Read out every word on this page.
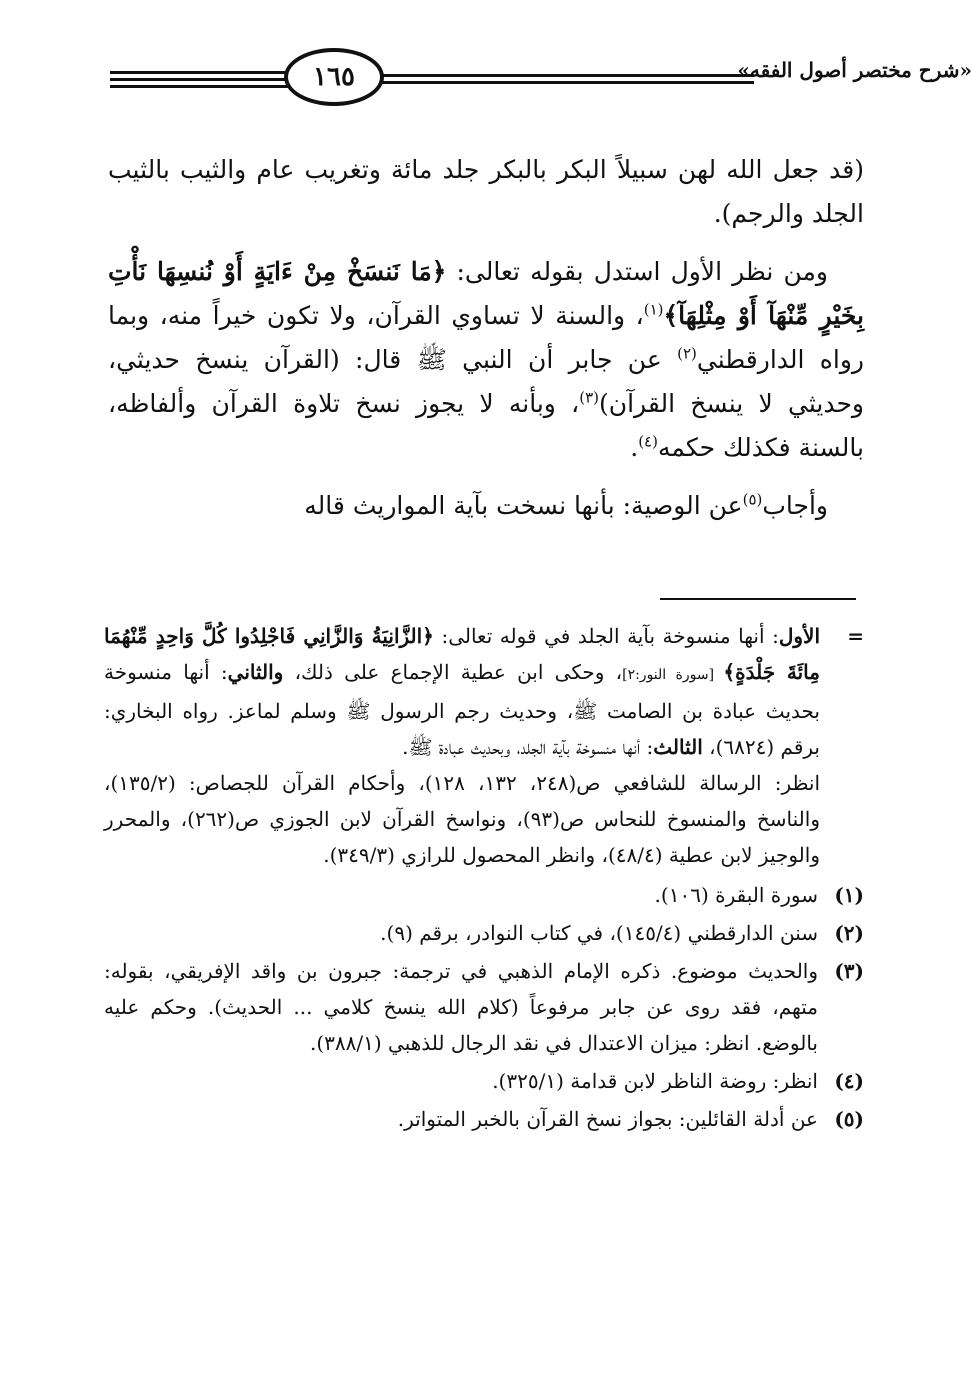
١٦٥	«شرح مختصر أصول الفقه»

(قد جعل الله لهن سبيلاً البكر بالبكر جلد مائة وتغريب عام والثيب بالثيب الجلد والرجم).

ومن نظر الأول استدل بقوله تعالى: ﴿مَا نَنسَخْ مِنْ ءَايَةٍ أَوْ نُنسِهَا نَأْتِ بِخَيْرٍ مِّنْهَآ أَوْ مِثْلِهَآ﴾$^{(١)}$، والسنة لا تساوي القرآن، ولا تكون خيراً منه، وبما رواه الدارقطني$^{(٢)}$ عن جابر أن النبي ﷺ قال: (القرآن ينسخ حديثي، وحديثي لا ينسخ القرآن)$^{(٣)}$، وبأنه لا يجوز نسخ تلاوة القرآن وألفاظه، بالسنة فكذلك حكمه$^{(٤)}$.

وأجاب$^{(٥)}$عن الوصية: بأنها نسخت بآية المواريث قاله

=

الأول: أنها منسوخة بآية الجلد في قوله تعالى: ﴿الزَّانِيَةُ وَالزَّانِي فَاجْلِدُوا كُلَّ وَاحِدٍ مِّنْهُمَا مِائَةَ جَلْدَةٍ﴾ [سورة النور:٢]، وحكى ابن عطية الإجماع على ذلك، والثاني: أنها منسوخة بحديث عبادة بن الصامت ﷺ، وحديث رجم الرسول ﷺ وسلم لماعز. رواه البخاري: برقم (٦٨٢٤)، الثالث: أنها منسوخة بآية الجلد، وبحديث عبادة ﷺ.

انظر: الرسالة للشافعي ص(٢٤٨، ١٣٢، ١٢٨)، وأحكام القرآن للجصاص: (١٣٥/٢)، والناسخ والمنسوخ للنحاس ص(٩٣)، ونواسخ القرآن لابن الجوزي ص(٢٦٢)، والمحرر والوجيز لابن عطية (٤٨/٤)، وانظر المحصول للرازي (٣٤٩/٣).

(١)
سورة البقرة (١٠٦).
(٢)
سنن الدارقطني (١٤٥/٤)، في كتاب النوادر، برقم (٩).
(٣)
والحديث موضوع. ذكره الإمام الذهبي في ترجمة: جبرون بن واقد الإفريقي، بقوله: متهم، فقد روى عن جابر مرفوعاً (كلام الله ينسخ كلامي ... الحديث). وحكم عليه بالوضع. انظر: ميزان الاعتدال في نقد الرجال للذهبي (٣٨٨/١).
(٤)
انظر: روضة الناظر لابن قدامة (٣٢٥/١).
(٥)
عن أدلة القائلين: بجواز نسخ القرآن بالخبر المتواتر.
